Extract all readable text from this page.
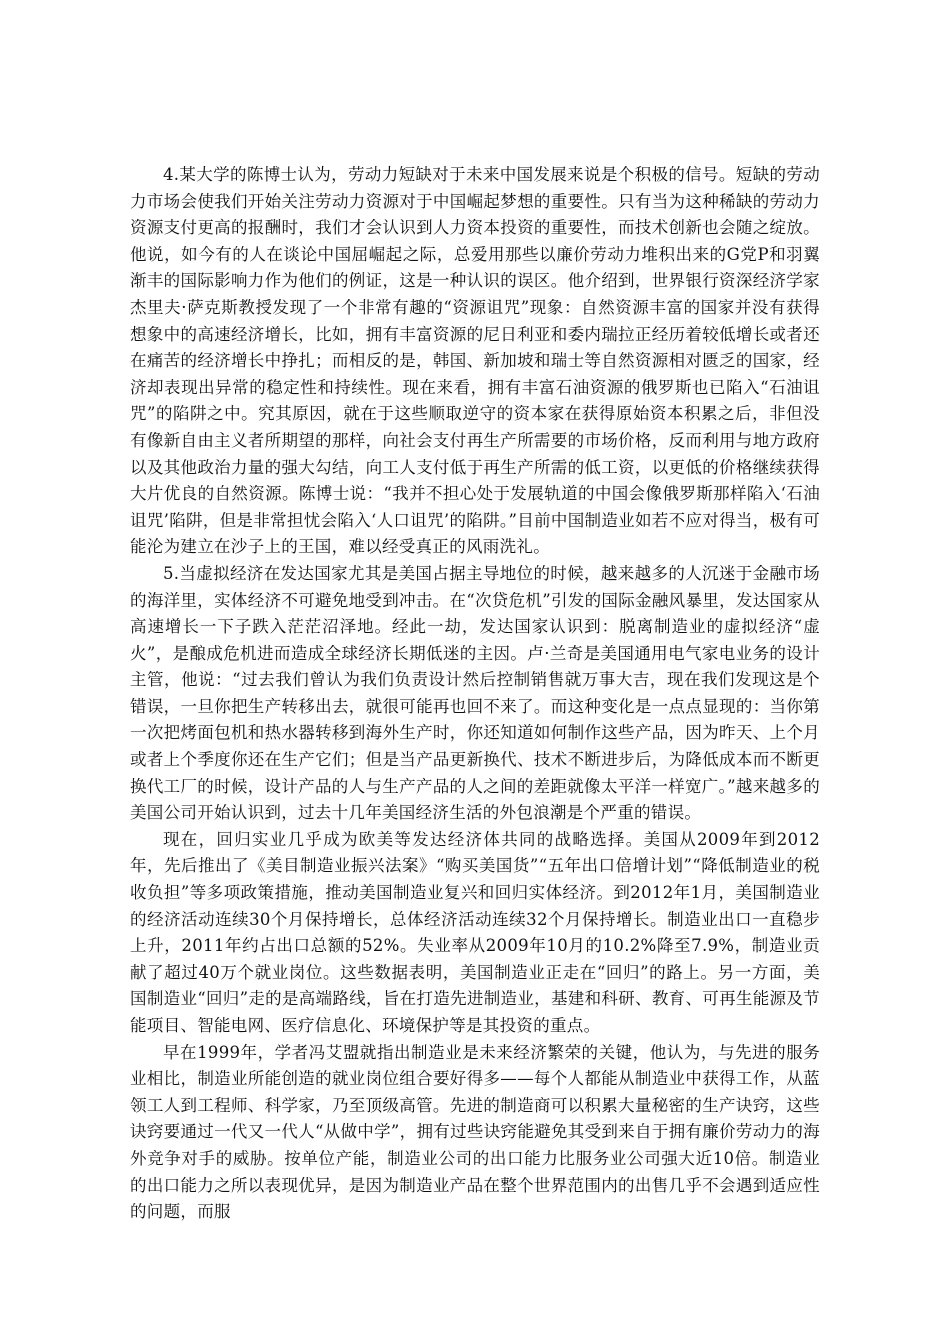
4.某大学的陈博士认为，劳动力短缺对于未来中国发展来说是个积极的信号。短缺的劳动力市场会使我们开始关注劳动力资源对于中国崛起梦想的重要性。只有当为这种稀缺的劳动力资源支付更高的报酬时，我们才会认识到人力资本投资的重要性，而技术创新也会随之绽放。他说，如今有的人在谈论中国屈崛起之际，总爱用那些以廉价劳动力堆积出来的G党P和羽翼渐丰的国际影响力作为他们的例证，这是一种认识的误区。他介绍到，世界银行资深经济学家杰里夫·萨克斯教授发现了一个非常有趣的“资源诅咒”现象：自然资源丰富的国家并没有获得想象中的高速经济增长，比如，拥有丰富资源的尼日利亚和委内瑞拉正经历着较低增长或者还在痛苦的经济增长中挣扎；而相反的是，韩国、新加坡和瑞士等自然资源相对匮乏的国家，经济却表现出异常的稳定性和持续性。现在来看，拥有丰富石油资源的俄罗斯也已陷入“石油诅咒”的陷阱之中。究其原因，就在于这些顺取逆守的资本家在获得原始资本积累之后，非但没有像新自由主义者所期望的那样，向社会支付再生产所需要的市场价格，反而利用与地方政府以及其他政治力量的强大勾结，向工人支付低于再生产所需的低工资，以更低的价格继续获得大片优良的自然资源。陈博士说：“我并不担心处于发展轨道的中国会像俄罗斯那样陷入‘石油诅咒’陷阱，但是非常担忧会陷入‘人口诅咒’的陷阱。”目前中国制造业如若不应对得当，极有可能沦为建立在沙子上的王国，难以经受真正的风雨洗礼。

5.当虚拟经济在发达国家尤其是美国占据主导地位的时候，越来越多的人沉迷于金融市场的海洋里，实体经济不可避免地受到冲击。在“次贷危机”引发的国际金融风暴里，发达国家从高速增长一下子跌入茫茫沼泽地。经此一劫，发达国家认识到：脱离制造业的虚拟经济“虚火”，是酿成危机进而造成全球经济长期低迷的主因。卢·兰奇是美国通用电气家电业务的设计主管，他说：“过去我们曾认为我们负责设计然后控制销售就万事大吉，现在我们发现这是个错误，一旦你把生产转移出去，就很可能再也回不来了。而这种变化是一点点显现的：当你第一次把烤面包机和热水器转移到海外生产时，你还知道如何制作这些产品，因为昨天、上个月或者上个季度你还在生产它们；但是当产品更新换代、技术不断进步后，为降低成本而不断更换代工厂的时候，设计产品的人与生产产品的人之间的差距就像太平洋一样宽广。”越来越多的美国公司开始认识到，过去十几年美国经济生活的外包浪潮是个严重的错误。

现在，回归实业几乎成为欧美等发达经济体共同的战略选择。美国从2009年到2012年，先后推出了《美目制造业振兴法案》“购买美国货”“五年出口倍增计划”“降低制造业的税收负担”等多项政策措施，推动美国制造业复兴和回归实体经济。到2012年1月，美国制造业的经济活动连续30个月保持增长，总体经济活动连续32个月保持增长。制造业出口一直稳步上升，2011年约占出口总额的52%。失业率从2009年10月的10.2%降至7.9%，制造业贡献了超过40万个就业岗位。这些数据表明，美国制造业正走在“回归”的路上。另一方面，美国制造业“回归”走的是高端路线，旨在打造先进制造业，基建和科研、教育、可再生能源及节能项目、智能电网、医疗信息化、环境保护等是其投资的重点。

早在1999年，学者冯艾盟就指出制造业是未来经济繁荣的关键，他认为，与先进的服务业相比，制造业所能创造的就业岗位组合要好得多——每个人都能从制造业中获得工作，从蓝领工人到工程师、科学家，乃至顶级高管。先进的制造商可以积累大量秘密的生产诀窍，这些诀窍要通过一代又一代人“从做中学”，拥有过些诀窍能避免其受到来自于拥有廉价劳动力的海外竞争对手的威胁。按单位产能，制造业公司的出口能力比服务业公司强大近10倍。制造业的出口能力之所以表现优异，是因为制造业产品在整个世界范围内的出售几乎不会遇到适应性的问题，而服
